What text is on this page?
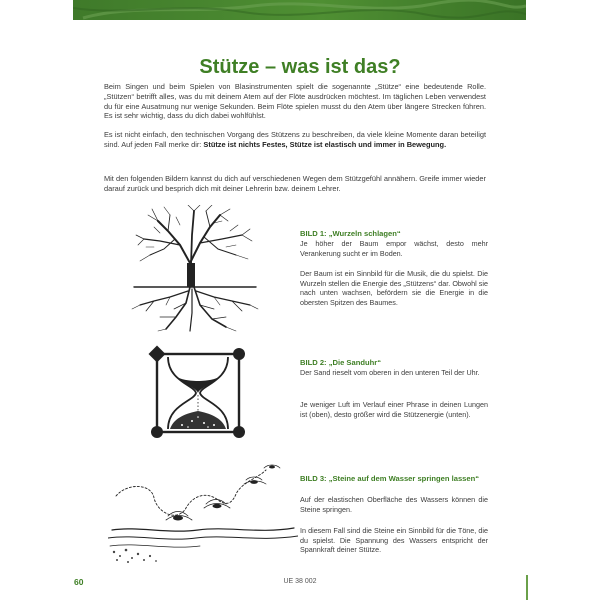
Stütze – was ist das?

Beim Singen und beim Spielen von Blasinstrumenten spielt die sogenannte „Stütze“ eine bedeutende Rolle. „Stützen“ betrifft alles, was du mit deinem Atem auf der Flöte ausdrücken möchtest. Im täglichen Leben verwendest du für eine Ausatmung nur wenige Sekunden. Beim Flöte spielen musst du den Atem über längere Strecken führen. Es ist sehr wichtig, dass du dich dabei wohlfühlst.

Es ist nicht einfach, den technischen Vorgang des Stützens zu beschreiben, da viele kleine Momente daran beteiligt sind. Auf jeden Fall merke dir: Stütze ist nichts Festes, Stütze ist elastisch und immer in Bewegung.

Mit den folgenden Bildern kannst du dich auf verschiedenen Wegen dem Stützgefühl annähern. Greife immer wieder darauf zurück und besprich dich mit deiner Lehrerin bzw. deinem Lehrer.

BILD 1: „Wurzeln schlagen“

Je höher der Baum empor wächst, desto mehr Verankerung sucht er im Boden.

Der Baum ist ein Sinnbild für die Musik, die du spielst. Die Wurzeln stellen die Energie des „Stützens“ dar. Obwohl sie nach unten wachsen, befördern sie die Energie in die obersten Spitzen des Baumes.

BILD 2: „Die Sanduhr“

Der Sand rieselt vom oberen in den unteren Teil der Uhr.

Je weniger Luft im Verlauf einer Phrase in deinen Lungen ist (oben), desto größer wird die Stützenergie (unten).

BILD 3: „Steine auf dem Wasser springen lassen“

Auf der elastischen Oberfläche des Wassers können die Steine springen.

In diesem Fall sind die Steine ein Sinnbild für die Töne, die du spielst. Die Spannung des Wassers entspricht der Spannkraft deiner Stütze.

60	UE 38 002
